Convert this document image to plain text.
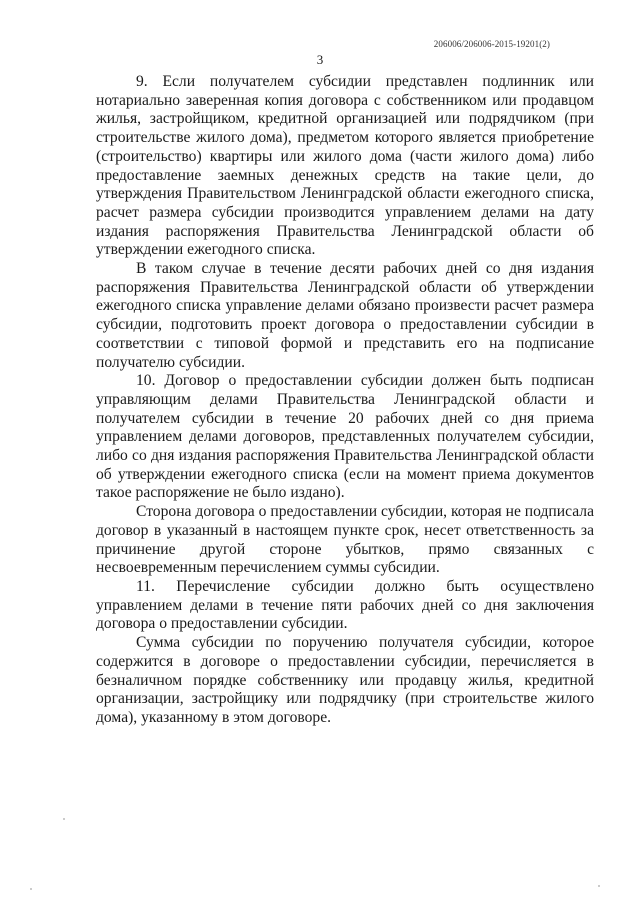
206006/206006-2015-19201(2)
3

9. Если получателем субсидии представлен подлинник или нотариально заверенная копия договора с собственником или продавцом жилья, застройщиком, кредитной организацией или подрядчиком (при строительстве жилого дома), предметом которого является приобретение (строительство) квартиры или жилого дома (части жилого дома) либо предоставление заемных денежных средств на такие цели, до утверждения Правительством Ленинградской области ежегодного списка, расчет размера субсидии производится управлением делами на дату издания распоряжения Правительства Ленинградской области об утверждении ежегодного списка.

В таком случае в течение десяти рабочих дней со дня издания распоряжения Правительства Ленинградской области об утверждении ежегодного списка управление делами обязано произвести расчет размера субсидии, подготовить проект договора о предоставлении субсидии в соответствии с типовой формой и представить его на подписание получателю субсидии.

10. Договор о предоставлении субсидии должен быть подписан управляющим делами Правительства Ленинградской области и получателем субсидии в течение 20 рабочих дней со дня приема управлением делами договоров, представленных получателем субсидии, либо со дня издания распоряжения Правительства Ленинградской области об утверждении ежегодного списка (если на момент приема документов такое распоряжение не было издано).

Сторона договора о предоставлении субсидии, которая не подписала договор в указанный в настоящем пункте срок, несет ответственность за причинение другой стороне убытков, прямо связанных с несвоевременным перечислением суммы субсидии.

11. Перечисление субсидии должно быть осуществлено управлением делами в течение пяти рабочих дней со дня заключения договора о предоставлении субсидии.

Сумма субсидии по поручению получателя субсидии, которое содержится в договоре о предоставлении субсидии, перечисляется в безналичном порядке собственнику или продавцу жилья, кредитной организации, застройщику или подрядчику (при строительстве жилого дома), указанному в этом договоре.
